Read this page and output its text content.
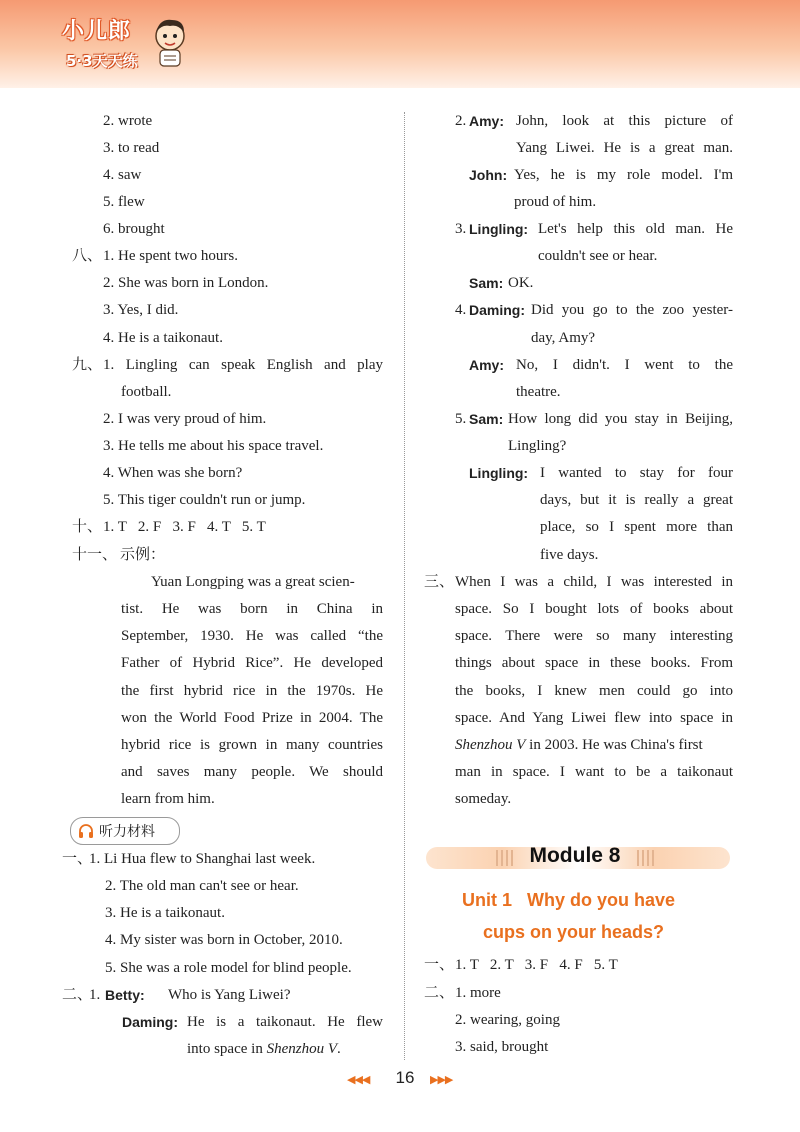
小儿郎
5·3天天练
2. wrote
3. to read
4. saw
5. flew
6. brought
八、 1. He spent two hours.
2. She was born in London.
3. Yes, I did.
4. He is a taikonaut.
九、 1. Lingling can speak English and play
football.
2. I was very proud of him.
3. He tells me about his space travel.
4. When was she born?
5. This tiger couldn't run or jump.
十、 1. T   2. F   3. F   4. T   5. T
十一、 示例：
Yuan Longping was a great scien-
tist. He was born in China in
September, 1930. He was called “the
Father of Hybrid Rice”. He developed
the first hybrid rice in the 1970s. He
won the World Food Prize in 2004. The
hybrid rice is grown in many countries
and saves many people. We should
learn from him.
听力材料
一、
1. Li Hua flew to Shanghai last week.
2. The old man can't see or hear.
3. He is a taikonaut.
4. My sister was born in October, 2010.
5. She was a role model for blind people.
二、
1. Betty: Who is Yang Liwei?
Daming: He is a taikonaut. He flew
into space in Shenzhou V.
2. Amy: John, look at this picture of
Yang Liwei. He is a great man.
John: Yes, he is my role model. I'm
proud of him.
3. Lingling: Let's help this old man. He
couldn't see or hear.
Sam: OK.
4. Daming: Did you go to the zoo yester-
day, Amy?
Amy: No, I didn't. I went to the
theatre.
5. Sam: How long did you stay in Beijing,
Lingling?
Lingling: I wanted to stay for four
days, but it is really a great
place, so I spent more than
five days.
三、 When I was a child, I was interested in
space. So I bought lots of books about
space. There were so many interesting
things about space in these books. From
the books, I knew men could go into
space. And Yang Liwei flew into space in
Shenzhou V in 2003. He was China's first
man in space. I want to be a taikonaut
someday.
Module 8
Unit 1   Why do you have
cups on your heads?
一、 1. T   2. T   3. F   4. F   5. T
二、 1. more
2. wearing, going
3. said, brought
◀◀◀	16	▶▶▶
